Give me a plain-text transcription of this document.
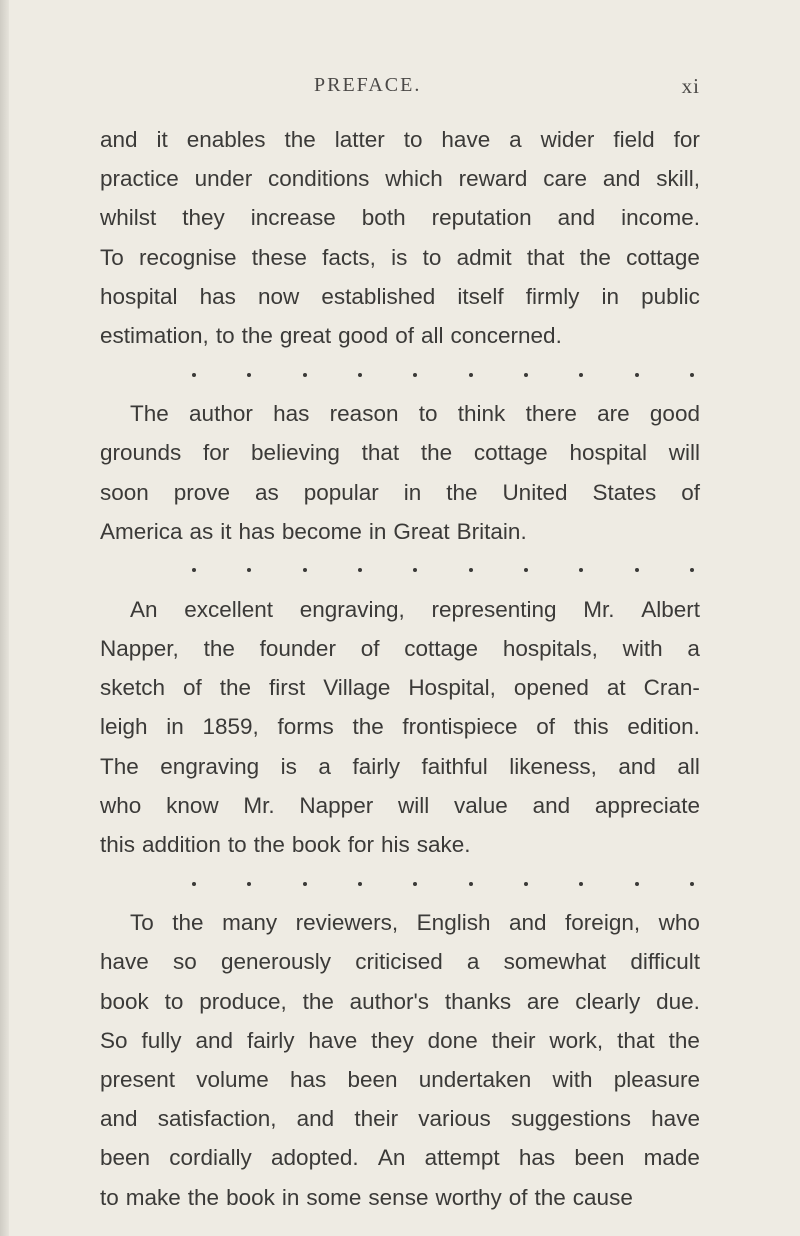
PREFACE.	xi
and it enables the latter to have a wider field for
practice under conditions which reward care and skill,
whilst they increase both reputation and income.
To recognise these facts, is to admit that the cottage
hospital has now established itself firmly in public
estimation, to the great good of all concerned.
The author has reason to think there are good
grounds for believing that the cottage hospital will
soon prove as popular in the United States of
America as it has become in Great Britain.
An excellent engraving, representing Mr. Albert
Napper, the founder of cottage hospitals, with a
sketch of the first Village Hospital, opened at Cran-
leigh in 1859, forms the frontispiece of this edition.
The engraving is a fairly faithful likeness, and all
who know Mr. Napper will value and appreciate
this addition to the book for his sake.
To the many reviewers, English and foreign, who
have so generously criticised a somewhat difficult
book to produce, the author's thanks are clearly due.
So fully and fairly have they done their work, that the
present volume has been undertaken with pleasure
and satisfaction, and their various suggestions have
been cordially adopted. An attempt has been made
to make the book in some sense worthy of the cause
